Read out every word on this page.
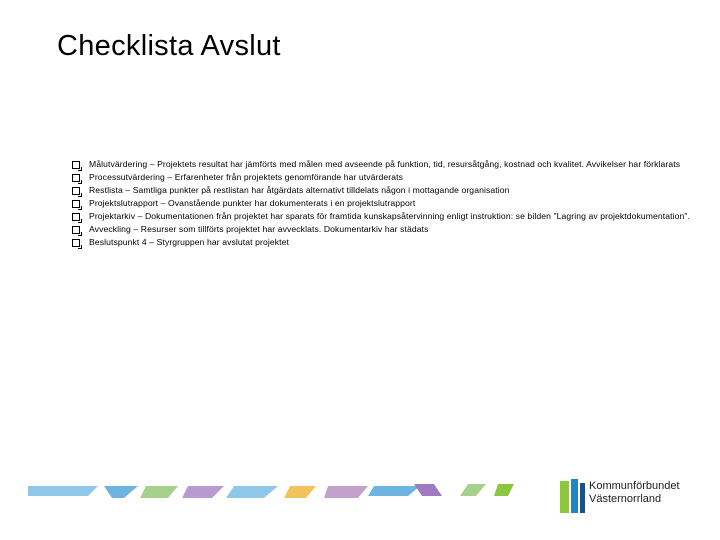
Checklista Avslut
Målutvärdering – Projektets resultat har jämförts med målen med avseende på funktion, tid, resursåtgång, kostnad och kvalitet. Avvikelser har förklarats
Processutvärdering – Erfarenheter från projektets genomförande har utvärderats
Restlista – Samtliga punkter på restlistan har åtgärdats alternativt tilldelats någon i mottagande organisation
Projektslutrapport – Ovanstående punkter har dokumenterats i en projektslutrapport
Projektarkiv – Dokumentationen från projektet har sparats för framtida kunskapsåtervinning enligt instruktion: se bilden "Lagring av projektdokumentation".
Avveckling – Resurser som tillförts projektet har avvecklats. Dokumentarkiv har städats
Beslutspunkt 4 – Styrgruppen har avslutat projektet
Kommunförbundet
Västernorrland
